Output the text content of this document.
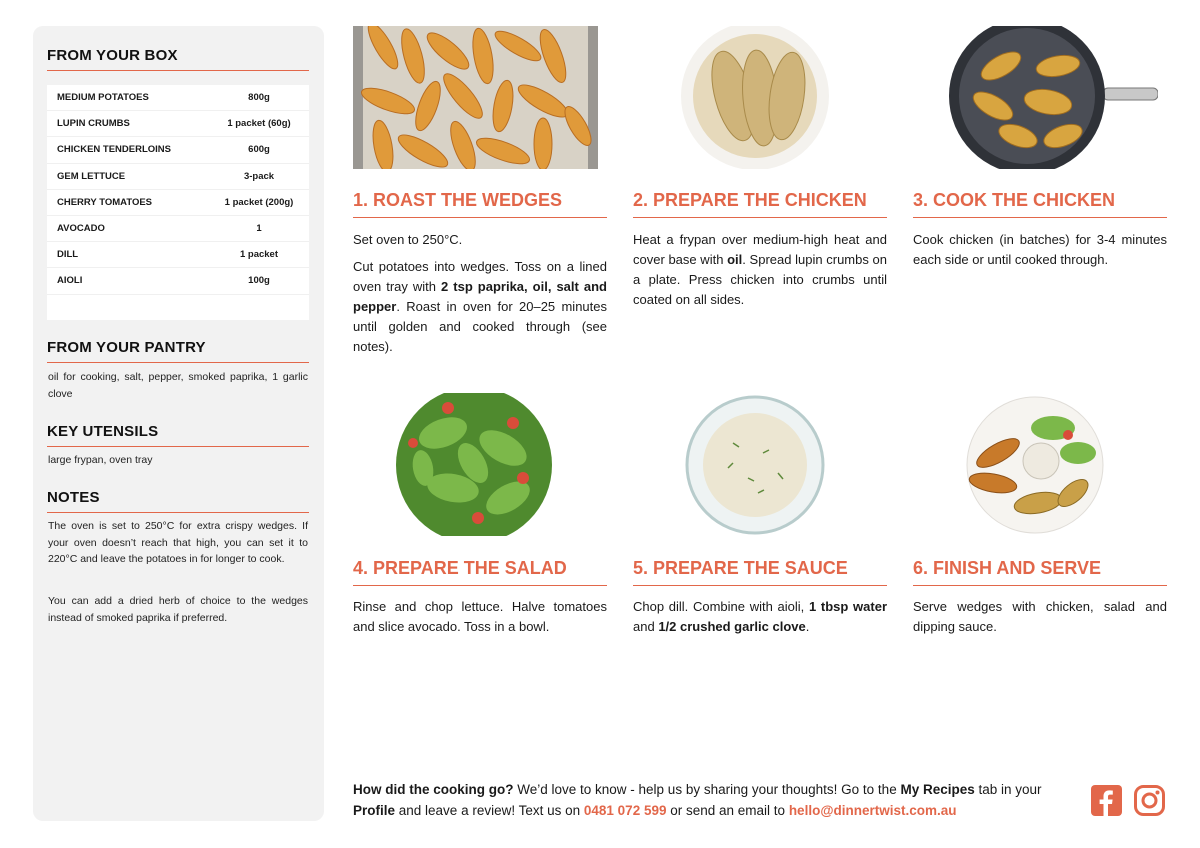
FROM YOUR BOX
MEDIUM POTATOES	800g
LUPIN CRUMBS	1 packet (60g)
CHICKEN TENDERLOINS	600g
GEM LETTUCE	3-pack
CHERRY TOMATOES	1 packet (200g)
AVOCADO	1
DILL	1 packet
AIOLI	100g
FROM YOUR PANTRY
oil for cooking, salt, pepper, smoked paprika, 1 garlic clove
KEY UTENSILS
large frypan, oven tray
NOTES
The oven is set to 250°C for extra crispy wedges. If your oven doesn’t reach that high, you can set it to 220°C and leave the potatoes in for longer to cook.
You can add a dried herb of choice to the wedges instead of smoked paprika if preferred.
1. ROAST THE WEDGES	2. PREPARE THE CHICKEN	3. COOK THE CHICKEN
4. PREPARE THE SALAD	5. PREPARE THE SAUCE	6. FINISH AND SERVE

Set oven to 250°C.

Cut potatoes into wedges. Toss on a lined oven tray with 2 tsp paprika, oil, salt and pepper. Roast in oven for 20–25 minutes until golden and cooked through (see notes).

Heat a frypan over medium-high heat and cover base with oil. Spread lupin crumbs on a plate. Press chicken into crumbs until coated on all sides.

Cook chicken (in batches) for 3-4 minutes each side or until cooked through.

Rinse and chop lettuce. Halve tomatoes and slice avocado. Toss in a bowl.

Chop dill. Combine with aioli, 1 tbsp water and 1/2 crushed garlic clove.

Serve wedges with chicken, salad and dipping sauce.

How did the cooking go? We’d love to know - help us by sharing your thoughts! Go to the My Recipes tab in your Profile and leave a review! Text us on 0481 072 599 or send an email to hello@dinnertwist.com.au
